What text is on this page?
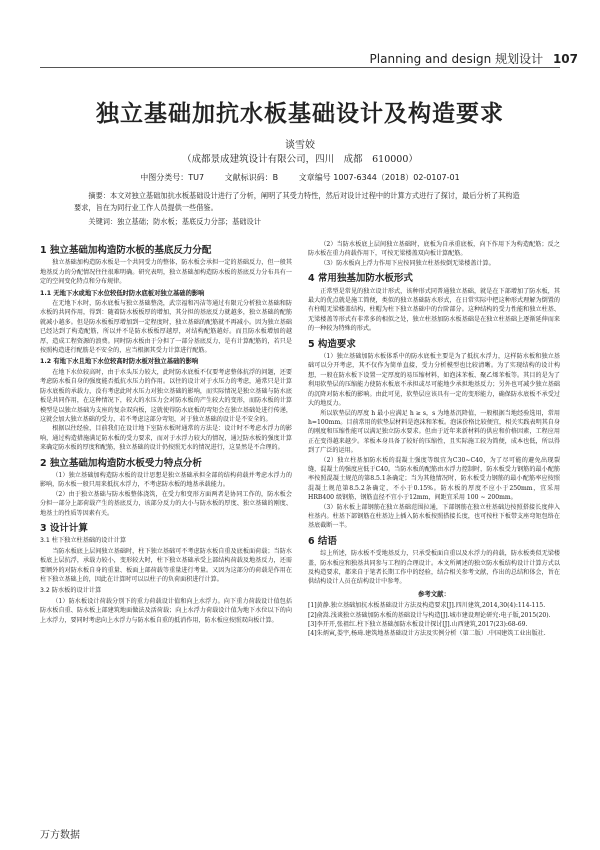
Planning and design 规划设计 107
独立基础加抗水板基础设计及构造要求
谈雪姣
（成都景成建筑设计有限公司，四川　成都　610000）
中图分类号：TU7	文献标识码：B	文章编号 1007-6344（2018）02-0107-01
摘要：本文对独立基础加抗水板基础设计进行了分析，阐明了其受力特性，然后对设计过程中的计算方式进行了探讨，最后分析了其构造要求，旨在为同行业工作人员提供一些借鉴。
关键词：独立基础；防水板；基底反力分部；基础设计
1 独立基础加构造防水板的基底反力分配

独立基础加构造防水板是一个共同受力的整体，防水板会承担一定的基础反力，但一般其地基反力的分配情况往往很难明确。研究表明，独立基础加构造防水板的基底反力分布具有一定的空间变化特点和分布规律。

1.1 无地下水或地下水位较低时防水底板对独立基础的影响

在无地下水时，防水底板与独立基础整浇，武宗福和冯洁等通过有限元分析独立基础和防水板的共同作用，得到：随着防水板板厚的增加，其分担的基底反力就越多，独立基础的配筋就减小越多。但是防水板板厚增加到一定程度时，独立基础的配筋就不再减小。因为独立基础已经达到了构造配筋，所以并不是防水板板厚越厚，对结构配筋越好。而且防水板增加的越厚，造成工程资源的浪费。同时防水板由于分担了一部分基底反力，是有计算配筋的，若只是按照构造进行配筋是不安全的，应当根据其受力计算进行配筋。

1.2 有地下水且地下水位较高时防水板对独立基础的影响

在地下水位较高时，由于水头压力较大，此时防水底板不仅要考虑整体抗浮的问题，还要考虑防水板自身的强度能否抵抗水压力的作用。以往的设计对于水压力的考虑，通常只是计算防水底板的承载力，没有考虑此时水压力对独立基础的影响，而实际情况是独立基础与防水底板是共同作用，在这种情况下，较大的水压力会对防水板的产生较大的变形，而防水板的计算模型是以独立基础为支座的复杂双向板，这就使得防水底板的弯矩会在独立基础处进行传递，这就会加大独立基础的受力，若不考虑这部分弯矩，对于独立基础的设计是不安全的。

根据以往经验，目前我们在设计地下室防水板时通常的方法是：设计时不考虑水浮力的影响，通过构造措施满足防水板的受力要求，而对于水浮力较大的情况，通过防水板的强度计算来确定防水板的厚度和配筋，独立基础的设计仍按照无水的情况进行，这显然是不合理的。

2 独立基础加构造防水板受力特点分析

（1）独立基础加构造防水板的设计思想是独立基础承担全部的结构荷载并考虑水浮力的影响，防水板一般只用来抵抗水浮力，不考虑防水板的地基承载能力。

（2）由于独立基础与防水板整体浇筑，在受力和变形方面两者是协同工作的，防水板会分担一部分上部荷载产生的基底反力，该部分反力的大小与防水板的厚度、独立基础的刚度、地基土的性质等因素有关。

3 设计计算
3.1 柱下独立柱基础的设计计算

当防水板底上层间独立基础时，柱下独立基础可不考虑防水板自重及底板面荷载；当防水板底上层抗浮，承载力较小，变形较大时，柱下独立基础承受上部结构荷载及地基反力，还需要额外的对防水板自身的重量、板面上部荷载等重量进行考量。又因为这部分的荷载是作用在柱下独立基础上的，因此在计算时可以以柱子的负荷面积进行计算。

3.2 防水板的设计计算

（1）防水板设计荷载分别下的重力荷载设计值和向上水浮力。向下重力荷载设计值包括防水板自重、防水板上部建筑地面做法及活荷载；向上水浮力荷载设计值为地下水位以下的向上水浮力，要同时考虑向上水浮力与防水板自重的抵消作用，防水板应按照双向板计算。

（2）当防水板底上层间独立基础时，底板为自承重底板，向下作用下为构造配筋；反之防水板在重力荷载作用下，可按无梁楼盖双向板计算配筋。

（3）防水板向上浮力作用下应按同独立柱基按倒无梁楼盖计算。

4 常用独基加防水板形式

正常型是常见的独立设计形式，该种形式同普通独立基础，就是在下部增加了防水板，其最大的优点就是施工简便，类似的独立基础防水形式，在日常实际中把这种形式理解为倒置的有柱帽无梁楼盖结构，柱帽为柱下独立基础中的台阶部分。这种结构的受力性能和独立柱基、无梁楼盖等形式有非常多的相似之处，独立柱基加防水板基础是在独立柱基础上逐渐延伸而来的一种较为特殊的形式。

5 构造要求

（1）独立基础加防水板体系中的防水底板主要是为了抵抗水浮力，这样防水板和独立基础可以分开考虑，其不仅作为简单直接，受力分析模型也比较清晰。为了实现结构的设计构想，一般在防水板下设置一定厚度的易压缩材料，如泡沫苯板、聚乙烯苯板等。其目的是为了利用软垫层的压缩能力使防水板底不承担或尽可能地少承担地基反力；另外也可减少独立基础的沉降对防水板的影响。由此可见，软垫层应该具有一定的变形能力，确保防水底板不承受过大的地反力。

所以软垫层的厚度 h 最小应满足 h ≥ s，s 为地基沉降值，一般根据当地经验选用，常用 h=100mm。目前常用的软垫层材料是泡沫和苯板。泡沫价格比较便宜，相关实践表明其自身的刚度和压缩性能可以满足独立防水要求。但由于近年来新材料的供应和价格因素，工程应用正在变得越来越少。苯板本身具备了较好的压缩性，且实际施工较为简便，成本也低，所以得到了广泛的运用。

（2）独立柱基加防水板的混凝土强度等级宜为C30~C40，为了尽可能的避免出现裂缝，混凝土的强度应低于C40。当防水板的配筋由水浮力控制时，防水板受力钢筋的最小配筋率按照混凝土规范的第8.5.1条确定；当为其他情况时，防水板受力钢筋的最小配筋率应按照混凝土规范第8.5.2条确定，不小于0.15%。防水板的厚度不应小于250mm，宜采用HRB400 级钢筋，钢筋直径不宜小于12mm，间距宜采用 100 ~ 200mm。

（3）防水板上部钢筋在独立基础范围拉通，下部钢筋在独立柱基础边按照搭接长度伸入柱基内。柱基下部钢筋在柱基边上插入防水板按照搭接长度，也可按柱下板带支座弯矩包络在基底截断一半。

6 结语

综上所述，防水板不受地基反力，只承受板面自重以及水浮力的荷载，防水板类似无梁楼盖，防水板应和独基共同参与工程的合理设计。本文所阐述的独立防水板结构设计计算方式以及构造要求，都来自于笔者长期工作中的经验，结合相关参考文献，作出的总结和体会，旨在供结构设计人员在结构设计中参考。

参考文献：

[1]黄静.独立基础加抗水板基础设计方法及构造要求[J].四川建筑,2014,30(4):114-115.

[2]俞嵩.浅谈独立基础加防水板的基础设计与构造[J].城市建设理论研究:电子版,2015(20).

[3]李开开,张祖红.柱下独立基础加防水板设计探讨[J].山西建筑,2017(23):68-69.

[4]朱炳寅,娄宇,杨琦.建筑地基基础设计方法及实例分析（第二版）.中国建筑工业出版社.

万方数据
